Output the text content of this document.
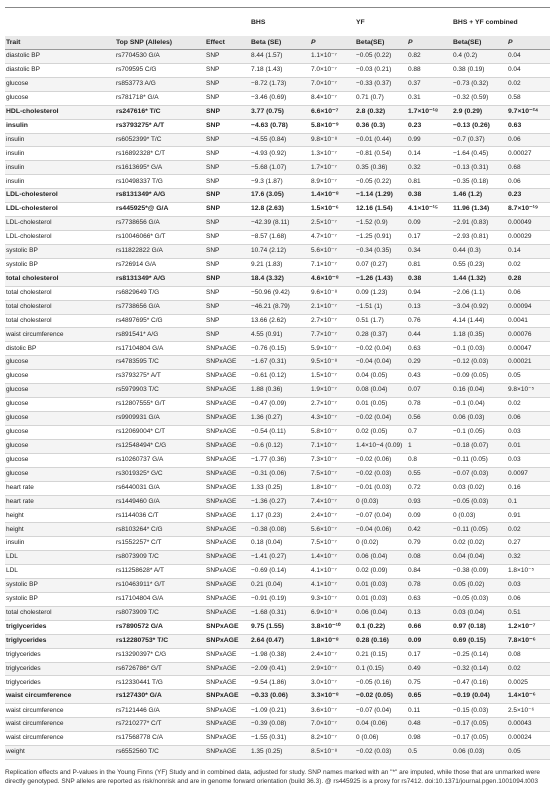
			BHS		YF		BHS + YF combined	
Trait	Top SNP (Alleles)	Effect	Beta (SE)	P	Beta(SE)	P	Beta(SE)	P
diastolic BP	rs7704530 G/A	SNP	8.44 (1.57)	1.1×10⁻⁷	−0.05 (0.22)	0.82	0.4 (0.2)	0.04
diastolic BP	rs709595 C/G	SNP	7.18 (1.43)	7.0×10⁻⁷	−0.03 (0.21)	0.88	0.38 (0.19)	0.04
glucose	rs853773 A/G	SNP	−8.72 (1.73)	7.0×10⁻⁷	−0.33 (0.37)	0.37	−0.73 (0.32)	0.02
glucose	rs781718* G/A	SNP	−3.46 (0.69)	8.4×10⁻⁷	0.71 (0.7)	0.31	−0.32 (0.59)	0.58
HDL-cholesterol	rs247616* T/C	SNP	3.77 (0.75)	6.6×10⁻⁷	2.8 (0.32)	1.7×10⁻¹⁸	2.9 (0.29)	9.7×10⁻²⁴
insulin	rs3793275* A/T	SNP	−4.63 (0.78)	5.8×10⁻⁹	0.36 (0.3)	0.23	−0.13 (0.26)	0.63
insulin	rs6052399* T/C	SNP	−4.55 (0.84)	9.8×10⁻⁸	−0.01 (0.44)	0.99	−0.7 (0.37)	0.06
insulin	rs16892328* C/T	SNP	−4.93 (0.92)	1.3×10⁻⁷	−0.81 (0.54)	0.14	−1.64 (0.45)	0.00027
insulin	rs1613695* G/A	SNP	−5.68 (1.07)	1.7×10⁻⁷	0.35 (0.36)	0.32	−0.13 (0.31)	0.68
insulin	rs10498337 T/G	SNP	−9.3 (1.87)	8.9×10⁻⁷	−0.05 (0.22)	0.81	−0.35 (0.18)	0.06
LDL-cholesterol	rs8131349* A/G	SNP	17.6 (3.05)	1.4×10⁻⁸	−1.14 (1.29)	0.38	1.46 (1.2)	0.23
LDL-cholesterol	rs445925*@ G/A	SNP	12.8 (2.63)	1.5×10⁻⁶	12.16 (1.54)	4.1×10⁻¹⁵	11.96 (1.34)	8.7×10⁻¹⁹
LDL-cholesterol	rs7738656 G/A	SNP	−42.39 (8.11)	2.5×10⁻⁷	−1.52 (0.9)	0.09	−2.91 (0.83)	0.00049
LDL-cholesterol	rs10046066* G/T	SNP	−8.57 (1.68)	4.7×10⁻⁷	−1.25 (0.91)	0.17	−2.93 (0.81)	0.00029
systolic BP	rs11822822 G/A	SNP	10.74 (2.12)	5.6×10⁻⁷	−0.34 (0.35)	0.34	0.44 (0.3)	0.14
systolic BP	rs726914 G/A	SNP	9.21 (1.83)	7.1×10⁻⁷	0.07 (0.27)	0.81	0.55 (0.23)	0.02
total cholesterol	rs8131349* A/G	SNP	18.4 (3.32)	4.6×10⁻⁸	−1.26 (1.43)	0.38	1.44 (1.32)	0.28
total cholesterol	rs6829649 T/G	SNP	−50.96 (9.42)	9.6×10⁻⁸	0.09 (1.23)	0.94	−2.06 (1.1)	0.06
total cholesterol	rs7738656 G/A	SNP	−46.21 (8.79)	2.1×10⁻⁷	−1.51 (1)	0.13	−3.04 (0.92)	0.00094
total cholesterol	rs4897695* C/G	SNP	13.66 (2.62)	2.7×10⁻⁷	0.51 (1.7)	0.76	4.14 (1.44)	0.0041
waist circumference	rs891541* A/G	SNP	4.55 (0.91)	7.7×10⁻⁷	0.28 (0.37)	0.44	1.18 (0.35)	0.00076
distolic BP	rs17104804 G/A	SNPxAGE	−0.76 (0.15)	5.9×10⁻⁷	−0.02 (0.04)	0.63	−0.1 (0.03)	0.00047
glucose	rs4783595 T/C	SNPxAGE	−1.67 (0.31)	9.5×10⁻⁸	−0.04 (0.04)	0.29	−0.12 (0.03)	0.00021
glucose	rs3793275* A/T	SNPxAGE	−0.61 (0.12)	1.5×10⁻⁷	0.04 (0.05)	0.43	−0.09 (0.05)	0.05
glucose	rs5979903 T/C	SNPxAGE	1.88 (0.36)	1.9×10⁻⁷	0.08 (0.04)	0.07	0.16 (0.04)	9.8×10⁻⁵
glucose	rs12807555* G/T	SNPxAGE	−0.47 (0.09)	2.7×10⁻⁷	0.01 (0.05)	0.78	−0.1 (0.04)	0.02
glucose	rs9909931 G/A	SNPxAGE	1.36 (0.27)	4.3×10⁻⁷	−0.02 (0.04)	0.56	0.06 (0.03)	0.06
glucose	rs12069004* C/T	SNPxAGE	−0.54 (0.11)	5.8×10⁻⁷	0.02 (0.05)	0.7	−0.1 (0.05)	0.03
glucose	rs12548494* C/G	SNPxAGE	−0.6 (0.12)	7.1×10⁻⁷	1.4×10−4 (0.09)	1	−0.18 (0.07)	0.01
glucose	rs10260737 G/A	SNPxAGE	−1.77 (0.36)	7.3×10⁻⁷	−0.02 (0.06)	0.8	−0.11 (0.05)	0.03
glucose	rs3019325* G/C	SNPxAGE	−0.31 (0.06)	7.5×10⁻⁷	−0.02 (0.03)	0.55	−0.07 (0.03)	0.0097
heart rate	rs6440031 G/A	SNPxAGE	1.33 (0.25)	1.8×10⁻⁷	−0.01 (0.03)	0.72	0.03 (0.02)	0.16
heart rate	rs1449460 G/A	SNPxAGE	−1.36 (0.27)	7.4×10⁻⁷	0 (0.03)	0.93	−0.05 (0.03)	0.1
height	rs1144036 C/T	SNPxAGE	1.17 (0.23)	2.4×10⁻⁷	−0.07 (0.04)	0.09	0 (0.03)	0.91
height	rs8103264* C/G	SNPxAGE	−0.38 (0.08)	5.6×10⁻⁷	−0.04 (0.06)	0.42	−0.11 (0.05)	0.02
insulin	rs1552257* C/T	SNPxAGE	0.18 (0.04)	7.5×10⁻⁷	0 (0.02)	0.79	0.02 (0.02)	0.27
LDL	rs8073909 T/C	SNPxAGE	−1.41 (0.27)	1.4×10⁻⁷	0.06 (0.04)	0.08	0.04 (0.04)	0.32
LDL	rs11258628* A/T	SNPxAGE	−0.69 (0.14)	4.1×10⁻⁷	0.02 (0.09)	0.84	−0.38 (0.09)	1.8×10⁻⁵
systolic BP	rs10463911* G/T	SNPxAGE	0.21 (0.04)	4.1×10⁻⁷	0.01 (0.03)	0.78	0.05 (0.02)	0.03
systolic BP	rs17104804 G/A	SNPxAGE	−0.91 (0.19)	9.3×10⁻⁷	0.01 (0.03)	0.63	−0.05 (0.03)	0.06
total cholesterol	rs8073909 T/C	SNPxAGE	−1.68 (0.31)	6.9×10⁻⁸	0.06 (0.04)	0.13	0.03 (0.04)	0.51
triglycerides	rs7890572 G/A	SNPxAGE	9.75 (1.55)	3.8×10⁻¹⁰	0.1 (0.22)	0.66	0.97 (0.18)	1.2×10⁻⁷
triglycerides	rs12280753* T/C	SNPxAGE	2.64 (0.47)	1.8×10⁻⁸	0.28 (0.16)	0.09	0.69 (0.15)	7.8×10⁻⁶
triglycerides	rs13290397* C/G	SNPxAGE	−1.98 (0.38)	2.4×10⁻⁷	0.21 (0.15)	0.17	−0.25 (0.14)	0.08
triglycerides	rs6726786* G/T	SNPxAGE	−2.09 (0.41)	2.9×10⁻⁷	0.1 (0.15)	0.49	−0.32 (0.14)	0.02
triglycerides	rs12330441 T/G	SNPxAGE	−9.54 (1.86)	3.0×10⁻⁷	−0.05 (0.16)	0.75	−0.47 (0.16)	0.0025
waist circumference	rs127430* G/A	SNPxAGE	−0.33 (0.06)	3.3×10⁻⁸	−0.02 (0.05)	0.65	−0.19 (0.04)	1.4×10⁻⁶
waist circumference	rs7121446 G/A	SNPxAGE	−1.09 (0.21)	3.6×10⁻⁷	−0.07 (0.04)	0.11	−0.15 (0.03)	2.5×10⁻⁶
waist circumference	rs7210277* C/T	SNPxAGE	−0.39 (0.08)	7.0×10⁻⁷	0.04 (0.06)	0.48	−0.17 (0.05)	0.00043
waist circumference	rs17568778 C/A	SNPxAGE	−1.55 (0.31)	8.2×10⁻⁷	0 (0.06)	0.98	−0.17 (0.05)	0.00024
weight	rs6552560 T/C	SNPxAGE	1.35 (0.25)	8.5×10⁻⁸	−0.02 (0.03)	0.5	0.06 (0.03)	0.05
Replication effects and P-values in the Young Finns (YF) Study and in combined data, adjusted for study. SNP names marked with an "*" are imputed, while those that are unmarked were directly genotyped. SNP alleles are reported as risk/nonrisk and are in genome forward orientation (build 36.3). @ rs445925 is a proxy for rs7412. doi:10.1371/journal.pgen.1001094.t003
